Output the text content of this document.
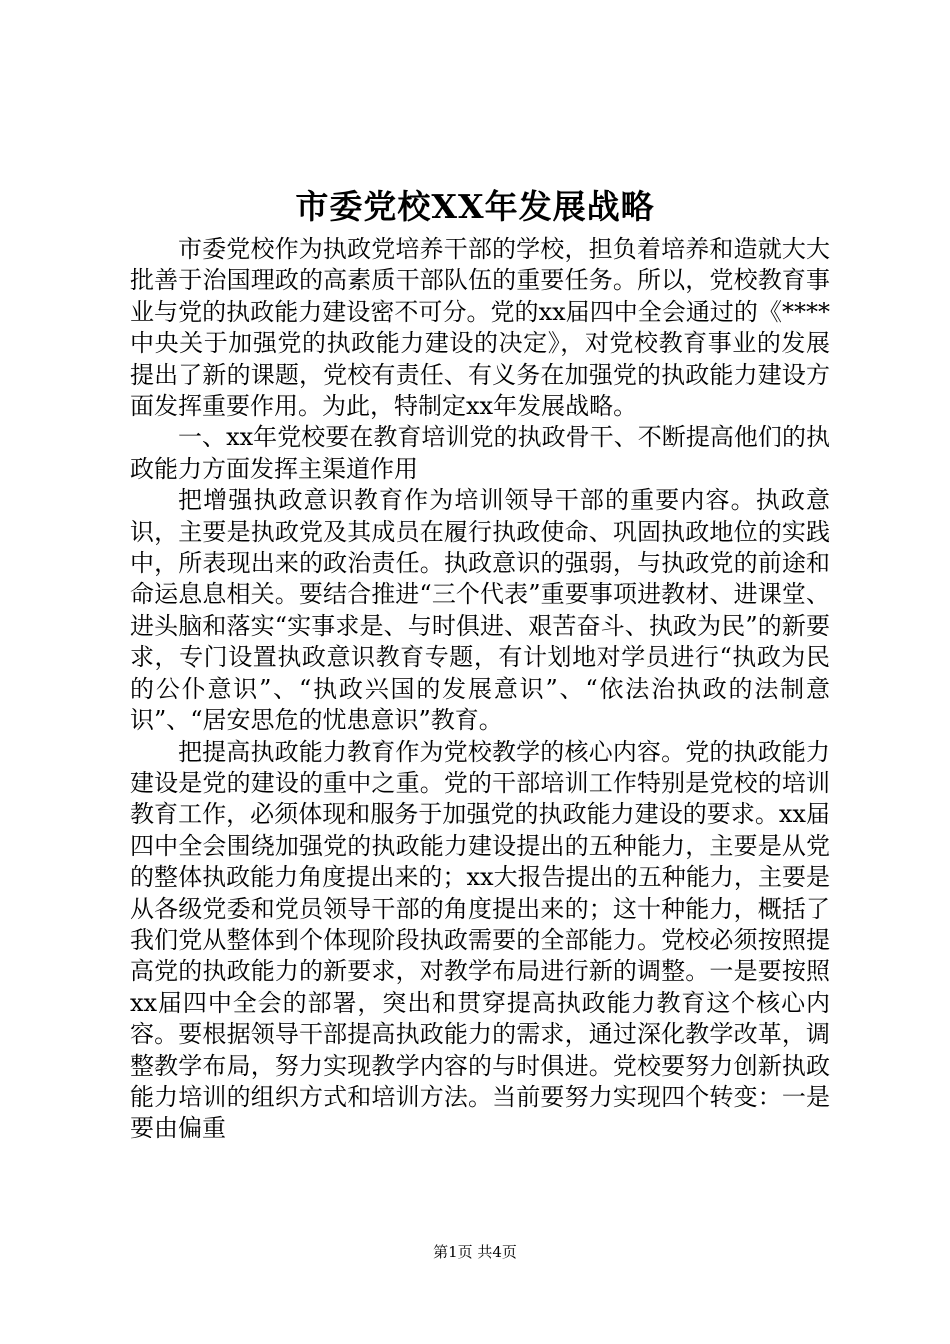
市委党校XX年发展战略

市委党校作为执政党培养干部的学校，担负着培养和造就大大批善于治国理政的高素质干部队伍的重要任务。所以，党校教育事业与党的执政能力建设密不可分。党的xx届四中全会通过的《****中央关于加强党的执政能力建设的决定》，对党校教育事业的发展提出了新的课题，党校有责任、有义务在加强党的执政能力建设方面发挥重要作用。为此，特制定xx年发展战略。

一、xx年党校要在教育培训党的执政骨干、不断提高他们的执政能力方面发挥主渠道作用

把增强执政意识教育作为培训领导干部的重要内容。执政意识，主要是执政党及其成员在履行执政使命、巩固执政地位的实践中，所表现出来的政治责任。执政意识的强弱，与执政党的前途和命运息息相关。要结合推进“三个代表”重要事项进教材、进课堂、进头脑和落实“实事求是、与时俱进、艰苦奋斗、执政为民”的新要求，专门设置执政意识教育专题，有计划地对学员进行“执政为民的公仆意识”、“执政兴国的发展意识”、“依法治执政的法制意识”、“居安思危的忧患意识”教育。

把提高执政能力教育作为党校教学的核心内容。党的执政能力建设是党的建设的重中之重。党的干部培训工作特别是党校的培训教育工作，必须体现和服务于加强党的执政能力建设的要求。xx届四中全会围绕加强党的执政能力建设提出的五种能力，主要是从党的整体执政能力角度提出来的；xx大报告提出的五种能力，主要是从各级党委和党员领导干部的角度提出来的；这十种能力，概括了我们党从整体到个体现阶段执政需要的全部能力。党校必须按照提高党的执政能力的新要求，对教学布局进行新的调整。一是要按照xx届四中全会的部署，突出和贯穿提高执政能力教育这个核心内容。要根据领导干部提高执政能力的需求，通过深化教学改革，调整教学布局，努力实现教学内容的与时俱进。党校要努力创新执政能力培训的组织方式和培训方法。当前要努力实现四个转变：一是要由偏重

第1页 共4页
